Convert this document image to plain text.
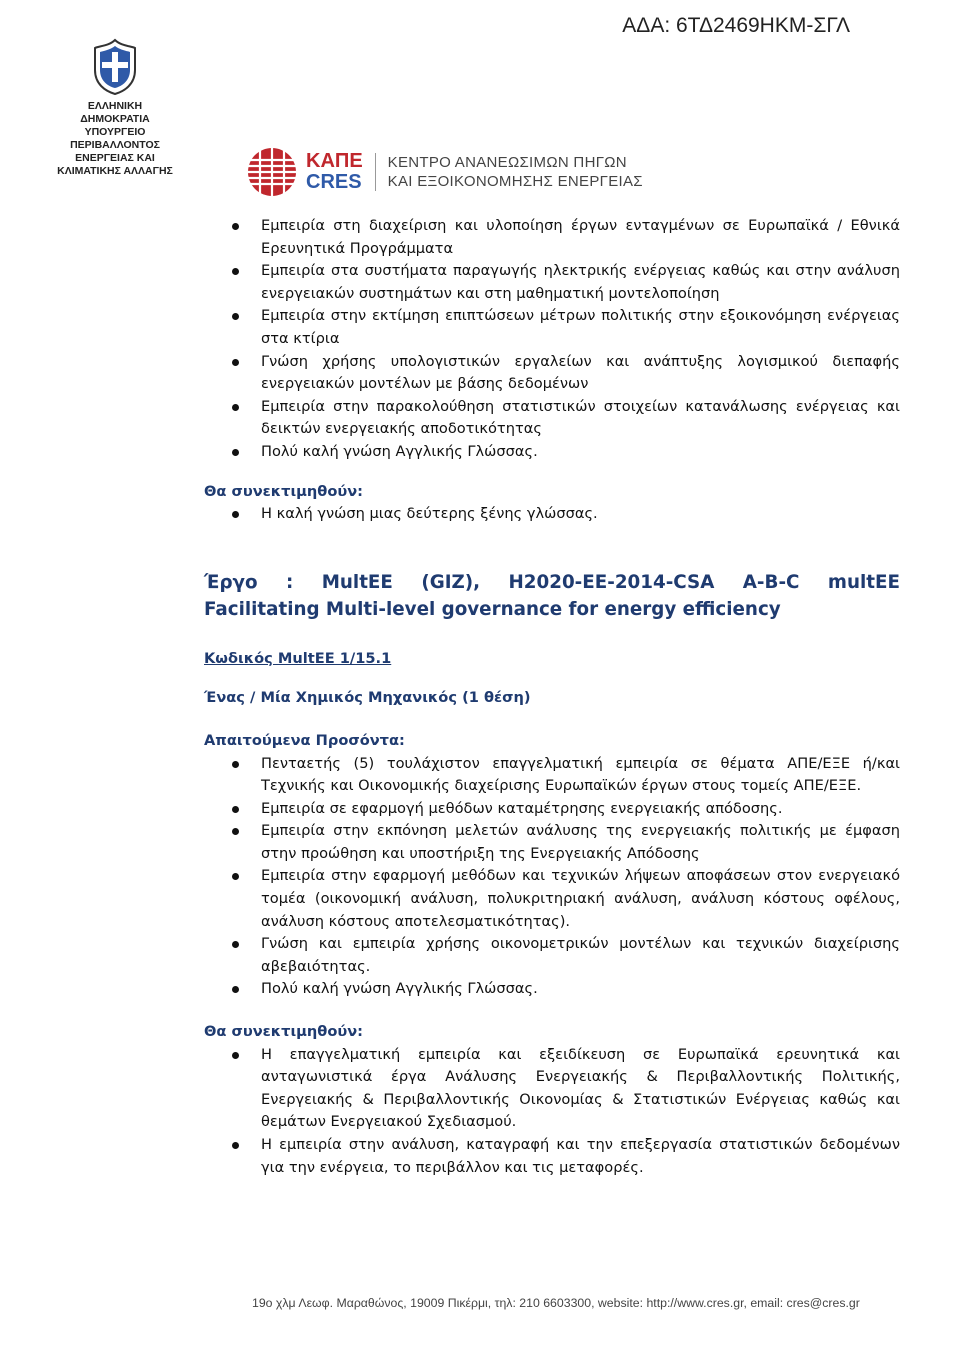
ΑΔΑ: 6ΤΔ2469ΗΚΜ-ΣΓΛ
ΕΛΛΗΝΙΚΗ ΔΗΜΟΚΡΑΤΙΑ
ΥΠΟΥΡΓΕΙΟ ΠΕΡΙΒΑΛΛΟΝΤΟΣ
ΕΝΕΡΓΕΙΑΣ ΚΑΙ
ΚΛΙΜΑΤΙΚΗΣ ΑΛΛΑΓΗΣ	ΚΑΠΕ
CRES
ΚΕΝΤΡΟ ΑΝΑΝΕΩΣΙΜΩΝ ΠΗΓΩΝ
ΚΑΙ ΕΞΟΙΚΟΝΟΜΗΣΗΣ ΕΝΕΡΓΕΙΑΣ
Εμπειρία στη διαχείριση και υλοποίηση έργων ενταγμένων σε Ευρωπαϊκά / Εθνικά Ερευνητικά Προγράμματα
Εμπειρία στα συστήματα παραγωγής ηλεκτρικής ενέργειας καθώς και στην ανάλυση ενεργειακών συστημάτων και στη μαθηματική μοντελοποίηση
Εμπειρία στην εκτίμηση επιπτώσεων μέτρων πολιτικής στην εξοικονόμηση ενέργειας στα κτίρια
Γνώση χρήσης υπολογιστικών εργαλείων και ανάπτυξης λογισμικού διεπαφής ενεργειακών μοντέλων με βάσης δεδομένων
Εμπειρία στην παρακολούθηση στατιστικών στοιχείων κατανάλωσης ενέργειας και δεικτών ενεργειακής αποδοτικότητας
Πολύ καλή γνώση Αγγλικής Γλώσσας.
Θα συνεκτιμηθούν:
Η καλή γνώση μιας δεύτερης ξένης γλώσσας.
Έργο : MultEE (GIZ), H2020-EE-2014-CSA A-B-C multEE
Facilitating Multi-level governance for energy efficiency
Κωδικός MultEE 1/15.1
Ένας / Μία Χημικός Μηχανικός (1 θέση)
Απαιτούμενα Προσόντα:
Πενταετής (5) τουλάχιστον επαγγελματική εμπειρία σε θέματα ΑΠΕ/ΕΞΕ ή/και Τεχνικής και Οικονομικής διαχείρισης Ευρωπαϊκών έργων στους τομείς ΑΠΕ/ΕΞΕ.
Εμπειρία σε εφαρμογή μεθόδων καταμέτρησης ενεργειακής απόδοσης.
Εμπειρία στην εκπόνηση μελετών ανάλυσης της ενεργειακής πολιτικής με έμφαση στην προώθηση και υποστήριξη της Ενεργειακής Απόδοσης
Εμπειρία στην εφαρμογή μεθόδων και τεχνικών λήψεων αποφάσεων στον ενεργειακό τομέα (οικονομική ανάλυση, πολυκριτηριακή ανάλυση, ανάλυση κόστους οφέλους, ανάλυση κόστους αποτελεσματικότητας).
Γνώση και εμπειρία χρήσης οικονομετρικών μοντέλων και τεχνικών διαχείρισης αβεβαιότητας.
Πολύ καλή γνώση Αγγλικής Γλώσσας.
Θα συνεκτιμηθούν:
Η επαγγελματική εμπειρία και εξειδίκευση σε Ευρωπαϊκά ερευνητικά και ανταγωνιστικά έργα Ανάλυσης Ενεργειακής & Περιβαλλοντικής Πολιτικής, Ενεργειακής & Περιβαλλοντικής Οικονομίας & Στατιστικών Ενέργειας καθώς και θεμάτων Ενεργειακού Σχεδιασμού.
Η εμπειρία στην ανάλυση, καταγραφή και την επεξεργασία στατιστικών δεδομένων για την ενέργεια, το περιβάλλον και τις μεταφορές.
19ο χλμ Λεωφ. Μαραθώνος, 19009 Πικέρμι, τηλ: 210 6603300, website: http://www.cres.gr, email: cres@cres.gr
